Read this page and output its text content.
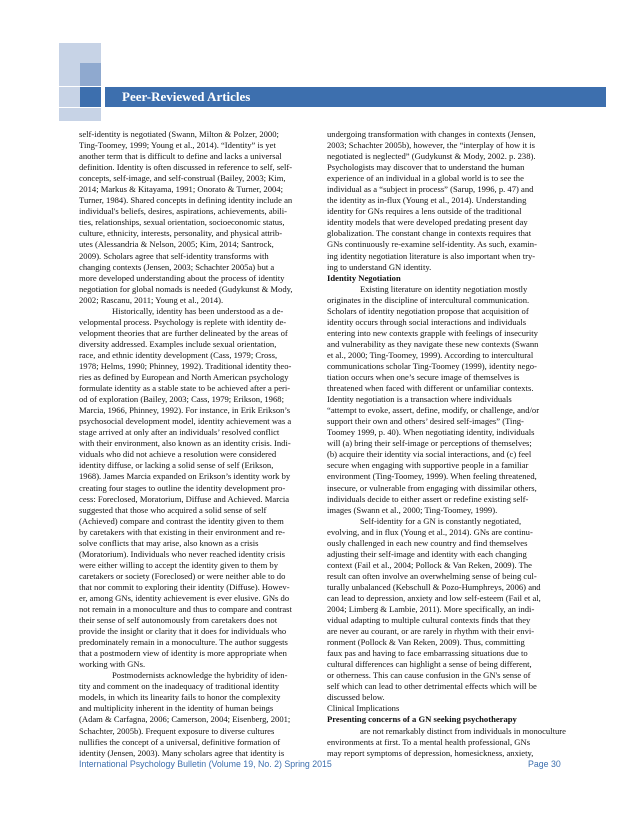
Peer-Reviewed Articles
self-identity is negotiated (Swann, Milton & Polzer, 2000;
Ting-Toomey, 1999; Young et al., 2014). “Identity” is yet
another term that is difficult to define and lacks a universal
definition. Identity is often discussed in reference to self, self-
concepts, self-image, and self-construal (Bailey, 2003; Kim,
2014; Markus & Kitayama, 1991; Onorato & Turner, 2004;
Turner, 1984). Shared concepts in defining identity include an
individual's beliefs, desires, aspirations, achievements, abili-
ties, relationships, sexual orientation, socioeconomic status,
culture, ethnicity, interests, personality, and physical attrib-
utes (Alessandria & Nelson, 2005; Kim, 2014; Santrock,
2009). Scholars agree that self-identity transforms with
changing contexts (Jensen, 2003; Schachter 2005a) but a
more developed understanding about the process of identity
negotiation for global nomads is needed (Gudykunst & Mody,
2002; Rascanu, 2011; Young et al., 2014).
Historically, identity has been understood as a de-
velopmental process. Psychology is replete with identity de-
velopment theories that are further delineated by the areas of
diversity addressed. Examples include sexual orientation,
race, and ethnic identity development (Cass, 1979; Cross,
1978; Helms, 1990; Phinney, 1992). Traditional identity theo-
ries as defined by European and North American psychology
formulate identity as a stable state to be achieved after a peri-
od of exploration (Bailey, 2003; Cass, 1979; Erikson, 1968;
Marcia, 1966, Phinney, 1992). For instance, in Erik Erikson’s
psychosocial development model, identity achievement was a
stage arrived at only after an individuals’ resolved conflict
with their environment, also known as an identity crisis. Indi-
viduals who did not achieve a resolution were considered
identity diffuse, or lacking a solid sense of self (Erikson,
1968). James Marcia expanded on Erikson’s identity work by
creating four stages to outline the identity development pro-
cess: Foreclosed, Moratorium, Diffuse and Achieved. Marcia
suggested that those who acquired a solid sense of self
(Achieved) compare and contrast the identity given to them
by caretakers with that existing in their environment and re-
solve conflicts that may arise, also known as a crisis
(Moratorium). Individuals who never reached identity crisis
were either willing to accept the identity given to them by
caretakers or society (Foreclosed) or were neither able to do
that nor commit to exploring their identity (Diffuse). Howev-
er, among GNs, identity achievement is ever elusive. GNs do
not remain in a monoculture and thus to compare and contrast
their sense of self autonomously from caretakers does not
provide the insight or clarity that it does for individuals who
predominately remain in a monoculture. The author suggests
that a postmodern view of identity is more appropriate when
working with GNs.
Postmodernists acknowledge the hybridity of iden-
tity and comment on the inadequacy of traditional identity
models, in which its linearity fails to honor the complexity
and multiplicity inherent in the identity of human beings
(Adam & Carfagna, 2006; Camerson, 2004; Eisenberg, 2001;
Schachter, 2005b). Frequent exposure to diverse cultures
nullifies the concept of a universal, definitive formation of
identity (Jensen, 2003). Many scholars agree that identity is
undergoing transformation with changes in contexts (Jensen,
2003; Schachter 2005b), however, the “interplay of how it is
negotiated is neglected” (Gudykunst & Mody, 2002. p. 238).
Psychologists may discover that to understand the human
experience of an individual in a global world is to see the
individual as a “subject in process” (Sarup, 1996, p. 47) and
the identity as in-flux (Young et al., 2014). Understanding
identity for GNs requires a lens outside of the traditional
identity models that were developed predating present day
globalization. The constant change in contexts requires that
GNs continuously re-examine self-identity. As such, examin-
ing identity negotiation literature is also important when try-
ing to understand GN identity.
Identity Negotiation
Existing literature on identity negotiation mostly
originates in the discipline of intercultural communication.
Scholars of identity negotiation propose that acquisition of
identity occurs through social interactions and individuals
entering into new contexts grapple with feelings of insecurity
and vulnerability as they navigate these new contexts (Swann
et al., 2000; Ting-Toomey, 1999). According to intercultural
communications scholar Ting-Toomey (1999), identity nego-
tiation occurs when one’s secure image of themselves is
threatened when faced with different or unfamiliar contexts.
Identity negotiation is a transaction where individuals
“attempt to evoke, assert, define, modify, or challenge, and/or
support their own and others’ desired self-images” (Ting-
Toomey 1999, p. 40). When negotiating identity, individuals
will (a) bring their self-image or perceptions of themselves;
(b) acquire their identity via social interactions, and (c) feel
secure when engaging with supportive people in a familiar
environment (Ting-Toomey, 1999). When feeling threatened,
insecure, or vulnerable from engaging with dissimilar others,
individuals decide to either assert or redefine existing self-
images (Swann et al., 2000; Ting-Toomey, 1999).
Self-identity for a GN is constantly negotiated,
evolving, and in flux (Young et al., 2014). GNs are continu-
ously challenged in each new country and find themselves
adjusting their self-image and identity with each changing
context (Fail et al., 2004; Pollock & Van Reken, 2009). The
result can often involve an overwhelming sense of being cul-
turally unbalanced (Kebschull & Pozo-Humphreys, 2006) and
can lead to depression, anxiety and low self-esteem (Fail et al,
2004; Limberg & Lambie, 2011). More specifically, an indi-
vidual adapting to multiple cultural contexts finds that they
are never au courant, or are rarely in rhythm with their envi-
ronment (Pollock & Van Reken, 2009). Thus, committing
faux pas and having to face embarrassing situations due to
cultural differences can highlight a sense of being different,
or otherness. This can cause confusion in the GN's sense of
self which can lead to other detrimental effects which will be
discussed below.
Clinical Implications
Presenting concerns of a GN seeking psychotherapy
are not remarkably distinct from individuals in monoculture
environments at first. To a mental health professional, GNs
may report symptoms of depression, homesickness, anxiety,
International Psychology Bulletin (Volume 19, No. 2) Spring 2015	Page 30
